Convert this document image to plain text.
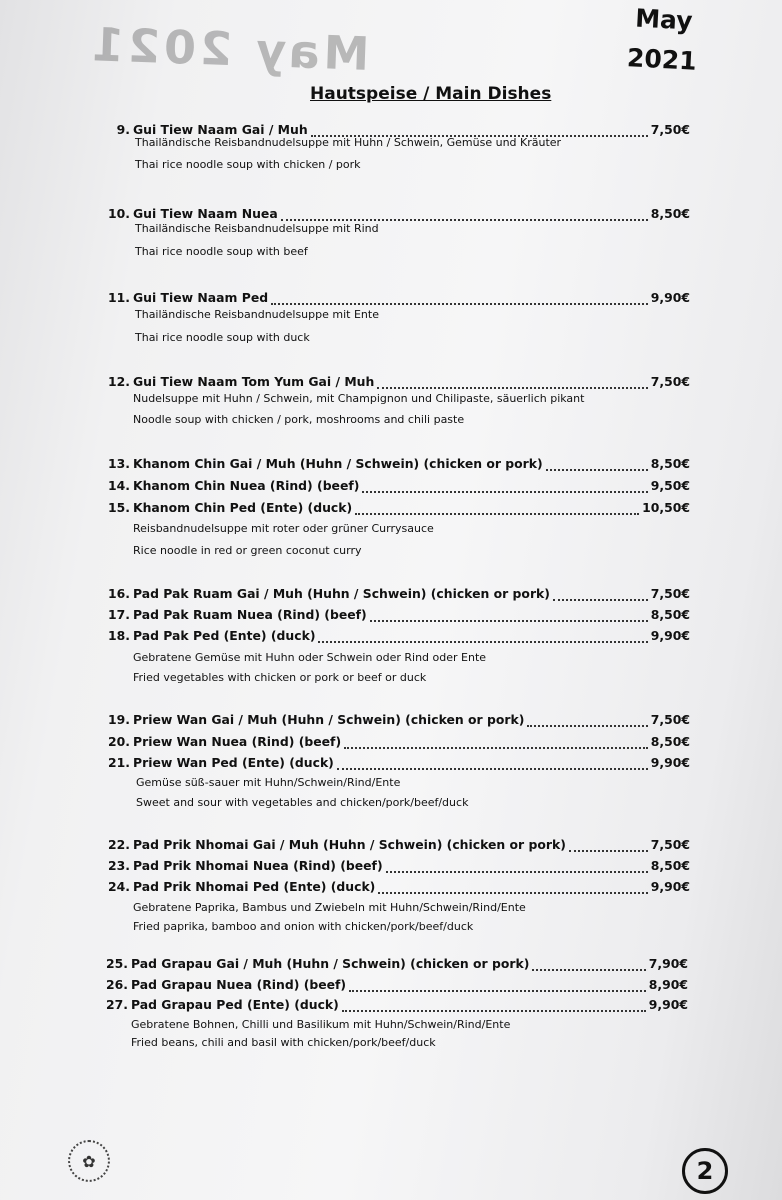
May 2021	May
2021
Hautspeise / Main Dishes
9. Gui Tiew Naam Gai / Muh	7,50€
Thailändische Reisbandnudelsuppe mit Huhn / Schwein, Gemüse und Kräuter
Thai rice noodle soup with chicken / pork
10. Gui Tiew Naam Nuea	8,50€
Thailändische Reisbandnudelsuppe mit Rind
Thai rice noodle soup with beef
11. Gui Tiew Naam Ped	9,90€
Thailändische Reisbandnudelsuppe mit Ente
Thai rice noodle soup with duck
12. Gui Tiew Naam Tom Yum Gai / Muh	7,50€
Nudelsuppe mit Huhn / Schwein, mit Champignon und Chilipaste, säuerlich pikant
Noodle soup with chicken / pork, moshrooms and chili paste
13. Khanom Chin Gai / Muh (Huhn / Schwein) (chicken or pork)	8,50€
14. Khanom Chin Nuea (Rind) (beef)	9,50€
15. Khanom Chin Ped (Ente) (duck)	10,50€
Reisbandnudelsuppe mit roter oder grüner Currysauce
Rice noodle in red or green coconut curry
16. Pad Pak Ruam Gai / Muh (Huhn / Schwein) (chicken or pork)	7,50€
17. Pad Pak Ruam Nuea (Rind) (beef)	8,50€
18. Pad Pak Ped (Ente) (duck)	9,90€
Gebratene Gemüse mit Huhn oder Schwein oder Rind oder Ente
Fried vegetables with chicken or pork or beef or duck
19. Priew Wan Gai / Muh (Huhn / Schwein) (chicken or pork)	7,50€
20. Priew Wan Nuea (Rind) (beef)	8,50€
21. Priew Wan Ped (Ente) (duck)	9,90€
Gemüse süß-sauer mit Huhn/Schwein/Rind/Ente
Sweet and sour with vegetables and chicken/pork/beef/duck
22. Pad Prik Nhomai Gai / Muh (Huhn / Schwein) (chicken or pork)	7,50€
23. Pad Prik Nhomai Nuea (Rind) (beef)	8,50€
24. Pad Prik Nhomai Ped (Ente) (duck)	9,90€
Gebratene Paprika, Bambus und Zwiebeln mit Huhn/Schwein/Rind/Ente
Fried paprika, bamboo and onion with chicken/pork/beef/duck
25. Pad Grapau Gai / Muh (Huhn / Schwein) (chicken or pork)	7,90€
26. Pad Grapau Nuea (Rind) (beef)	8,90€
27. Pad Grapau Ped (Ente) (duck)	9,90€
Gebratene Bohnen, Chilli und Basilikum mit Huhn/Schwein/Rind/Ente
Fried beans, chili and basil with chicken/pork/beef/duck
✿	2
